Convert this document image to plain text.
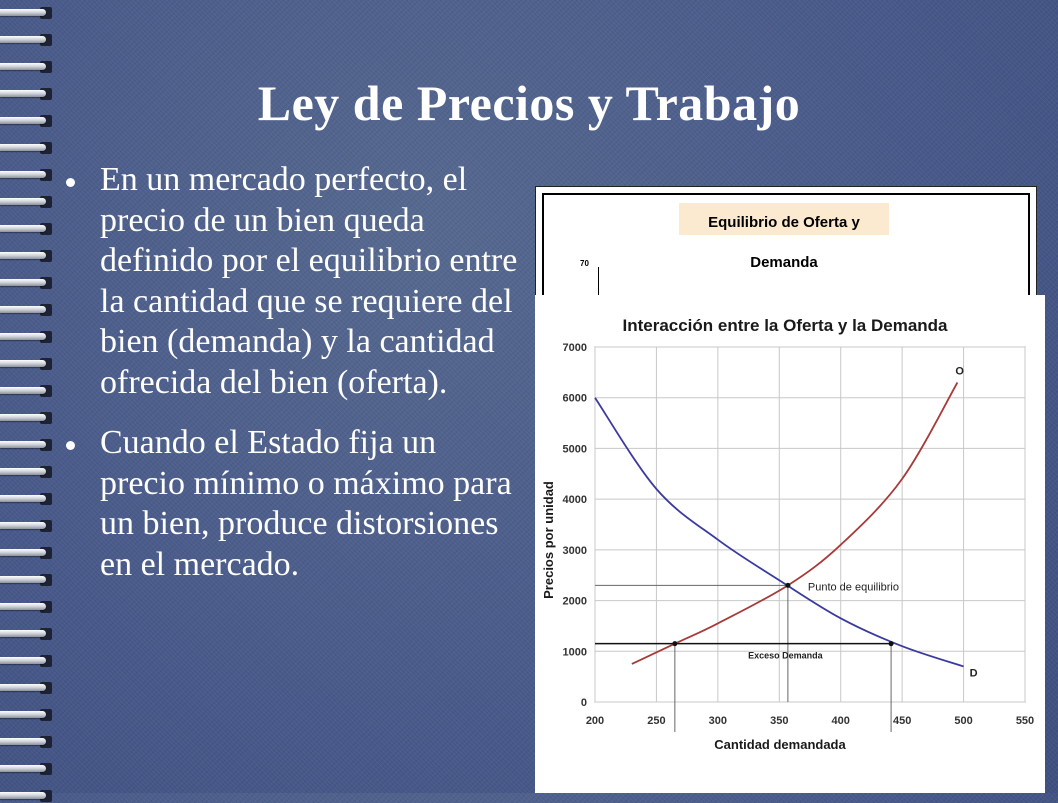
Ley de Precios y Trabajo
En un mercado perfecto, el precio de un bien queda definido por el equilibrio entre la cantidad que se requiere del bien (demanda) y la cantidad ofrecida del bien (oferta).
Cuando el Estado fija un precio mínimo o máximo para un bien, produce distorsiones en el mercado.
Equilibrio de Oferta y Demanda
70
Interacción entre la Oferta y la Demanda
0
1000
2000
3000
4000
5000
6000
7000
200	250	300	350	400	450	500	550
D
O
Punto de equilibrio
Exceso Demanda
Cantidad demandada
Precios por unidad
